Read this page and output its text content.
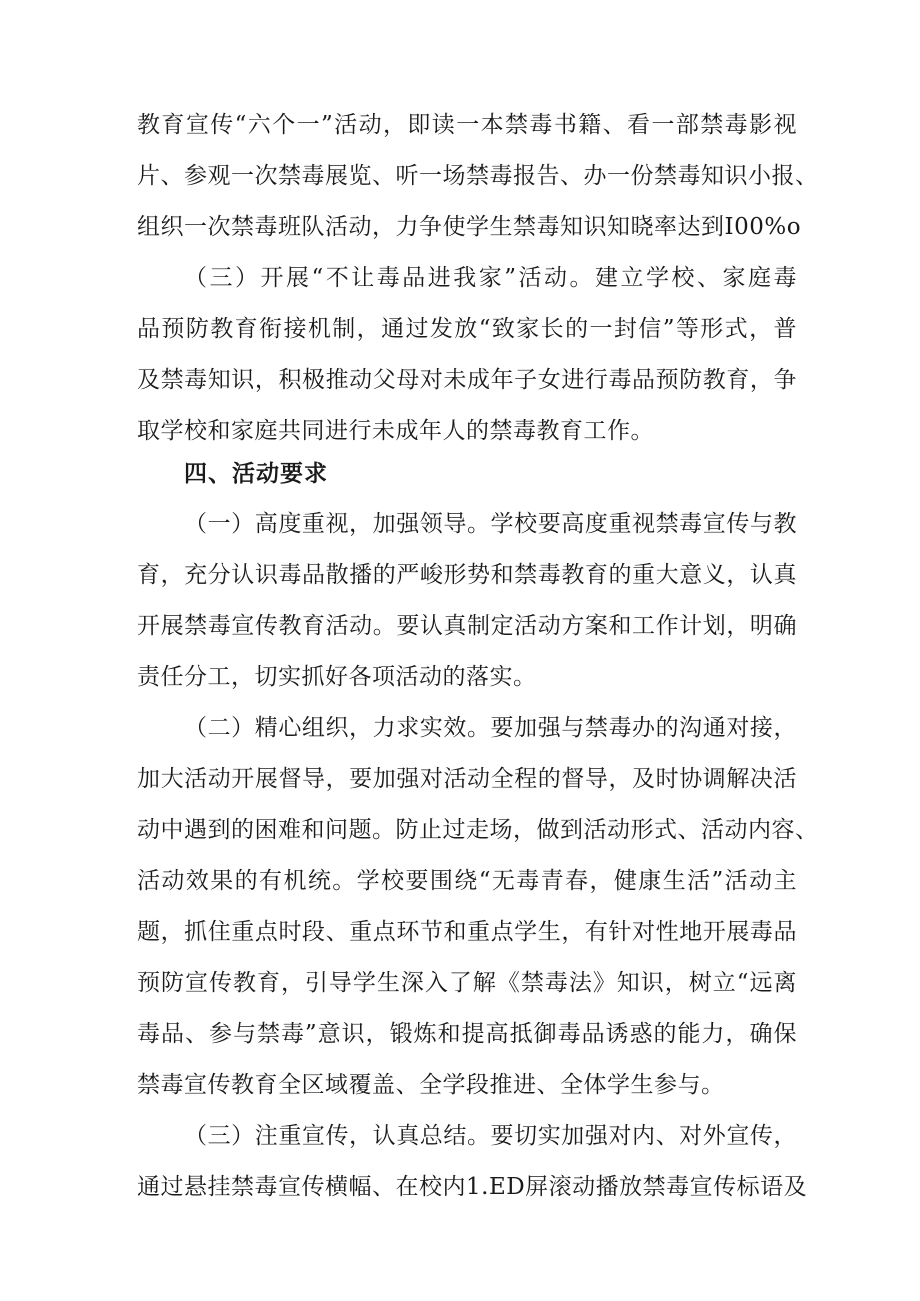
教育宣传“六个一”活动，即读一本禁毒书籍、看一部禁毒影视
片、参观一次禁毒展览、听一场禁毒报告、办一份禁毒知识小报、
组织一次禁毒班队活动，力争使学生禁毒知识知晓率达到I00%o
（三）开展“不让毒品进我家”活动。建立学校、家庭毒
品预防教育衔接机制，通过发放“致家长的一封信”等形式，普
及禁毒知识，积极推动父母对未成年子女进行毒品预防教育，争
取学校和家庭共同进行未成年人的禁毒教育工作。
四、活动要求
（一）高度重视，加强领导。学校要高度重视禁毒宣传与教
育，充分认识毒品散播的严峻形势和禁毒教育的重大意义，认真
开展禁毒宣传教育活动。要认真制定活动方案和工作计划，明确
责任分工，切实抓好各项活动的落实。
（二）精心组织，力求实效。要加强与禁毒办的沟通对接，
加大活动开展督导，要加强对活动全程的督导，及时协调解决活
动中遇到的困难和问题。防止过走场，做到活动形式、活动内容、
活动效果的有机统。学校要围绕“无毒青春，健康生活”活动主
题，抓住重点时段、重点环节和重点学生，有针对性地开展毒品
预防宣传教育，引导学生深入了解《禁毒法》知识，树立“远离
毒品、参与禁毒”意识，锻炼和提高抵御毒品诱惑的能力，确保
禁毒宣传教育全区域覆盖、全学段推进、全体学生参与。
（三）注重宣传，认真总结。要切实加强对内、对外宣传，
通过悬挂禁毒宣传横幅、在校内1.ED屏滚动播放禁毒宣传标语及
